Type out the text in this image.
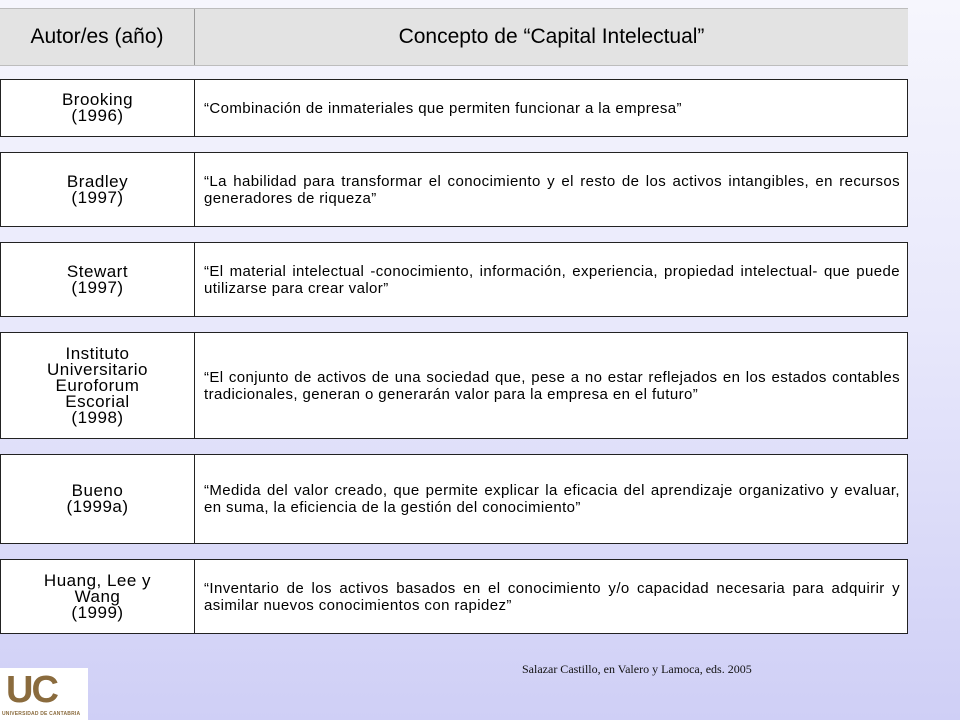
Autor/es (año)	Concepto de “Capital Intelectual”
Brooking
(1996)	“Combinación de inmateriales que permiten funcionar a la empresa”
Bradley
(1997)
“La habilidad para transformar el conocimiento y el resto de los activos intangibles, en recursos generadores de riqueza”
Stewart
(1997)
“El material intelectual -conocimiento, información, experiencia, propiedad intelectual- que puede utilizarse para crear valor”
Instituto
Universitario
Euroforum
Escorial
(1998)
“El conjunto de activos de una sociedad que, pese a no estar reflejados en los estados contables tradicionales, generan o generarán valor para la empresa en el futuro”
Bueno
(1999a)
“Medida del valor creado, que permite explicar la eficacia del aprendizaje organizativo y evaluar, en suma, la eficiencia de la gestión del conocimiento”
Huang, Lee y
Wang
(1999)
“Inventario de los activos basados en el conocimiento y/o capacidad necesaria para adquirir y asimilar nuevos conocimientos con rapidez”
Salazar Castillo, en Valero y Lamoca, eds. 2005
UC
UNIVERSIDAD DE CANTABRIA
